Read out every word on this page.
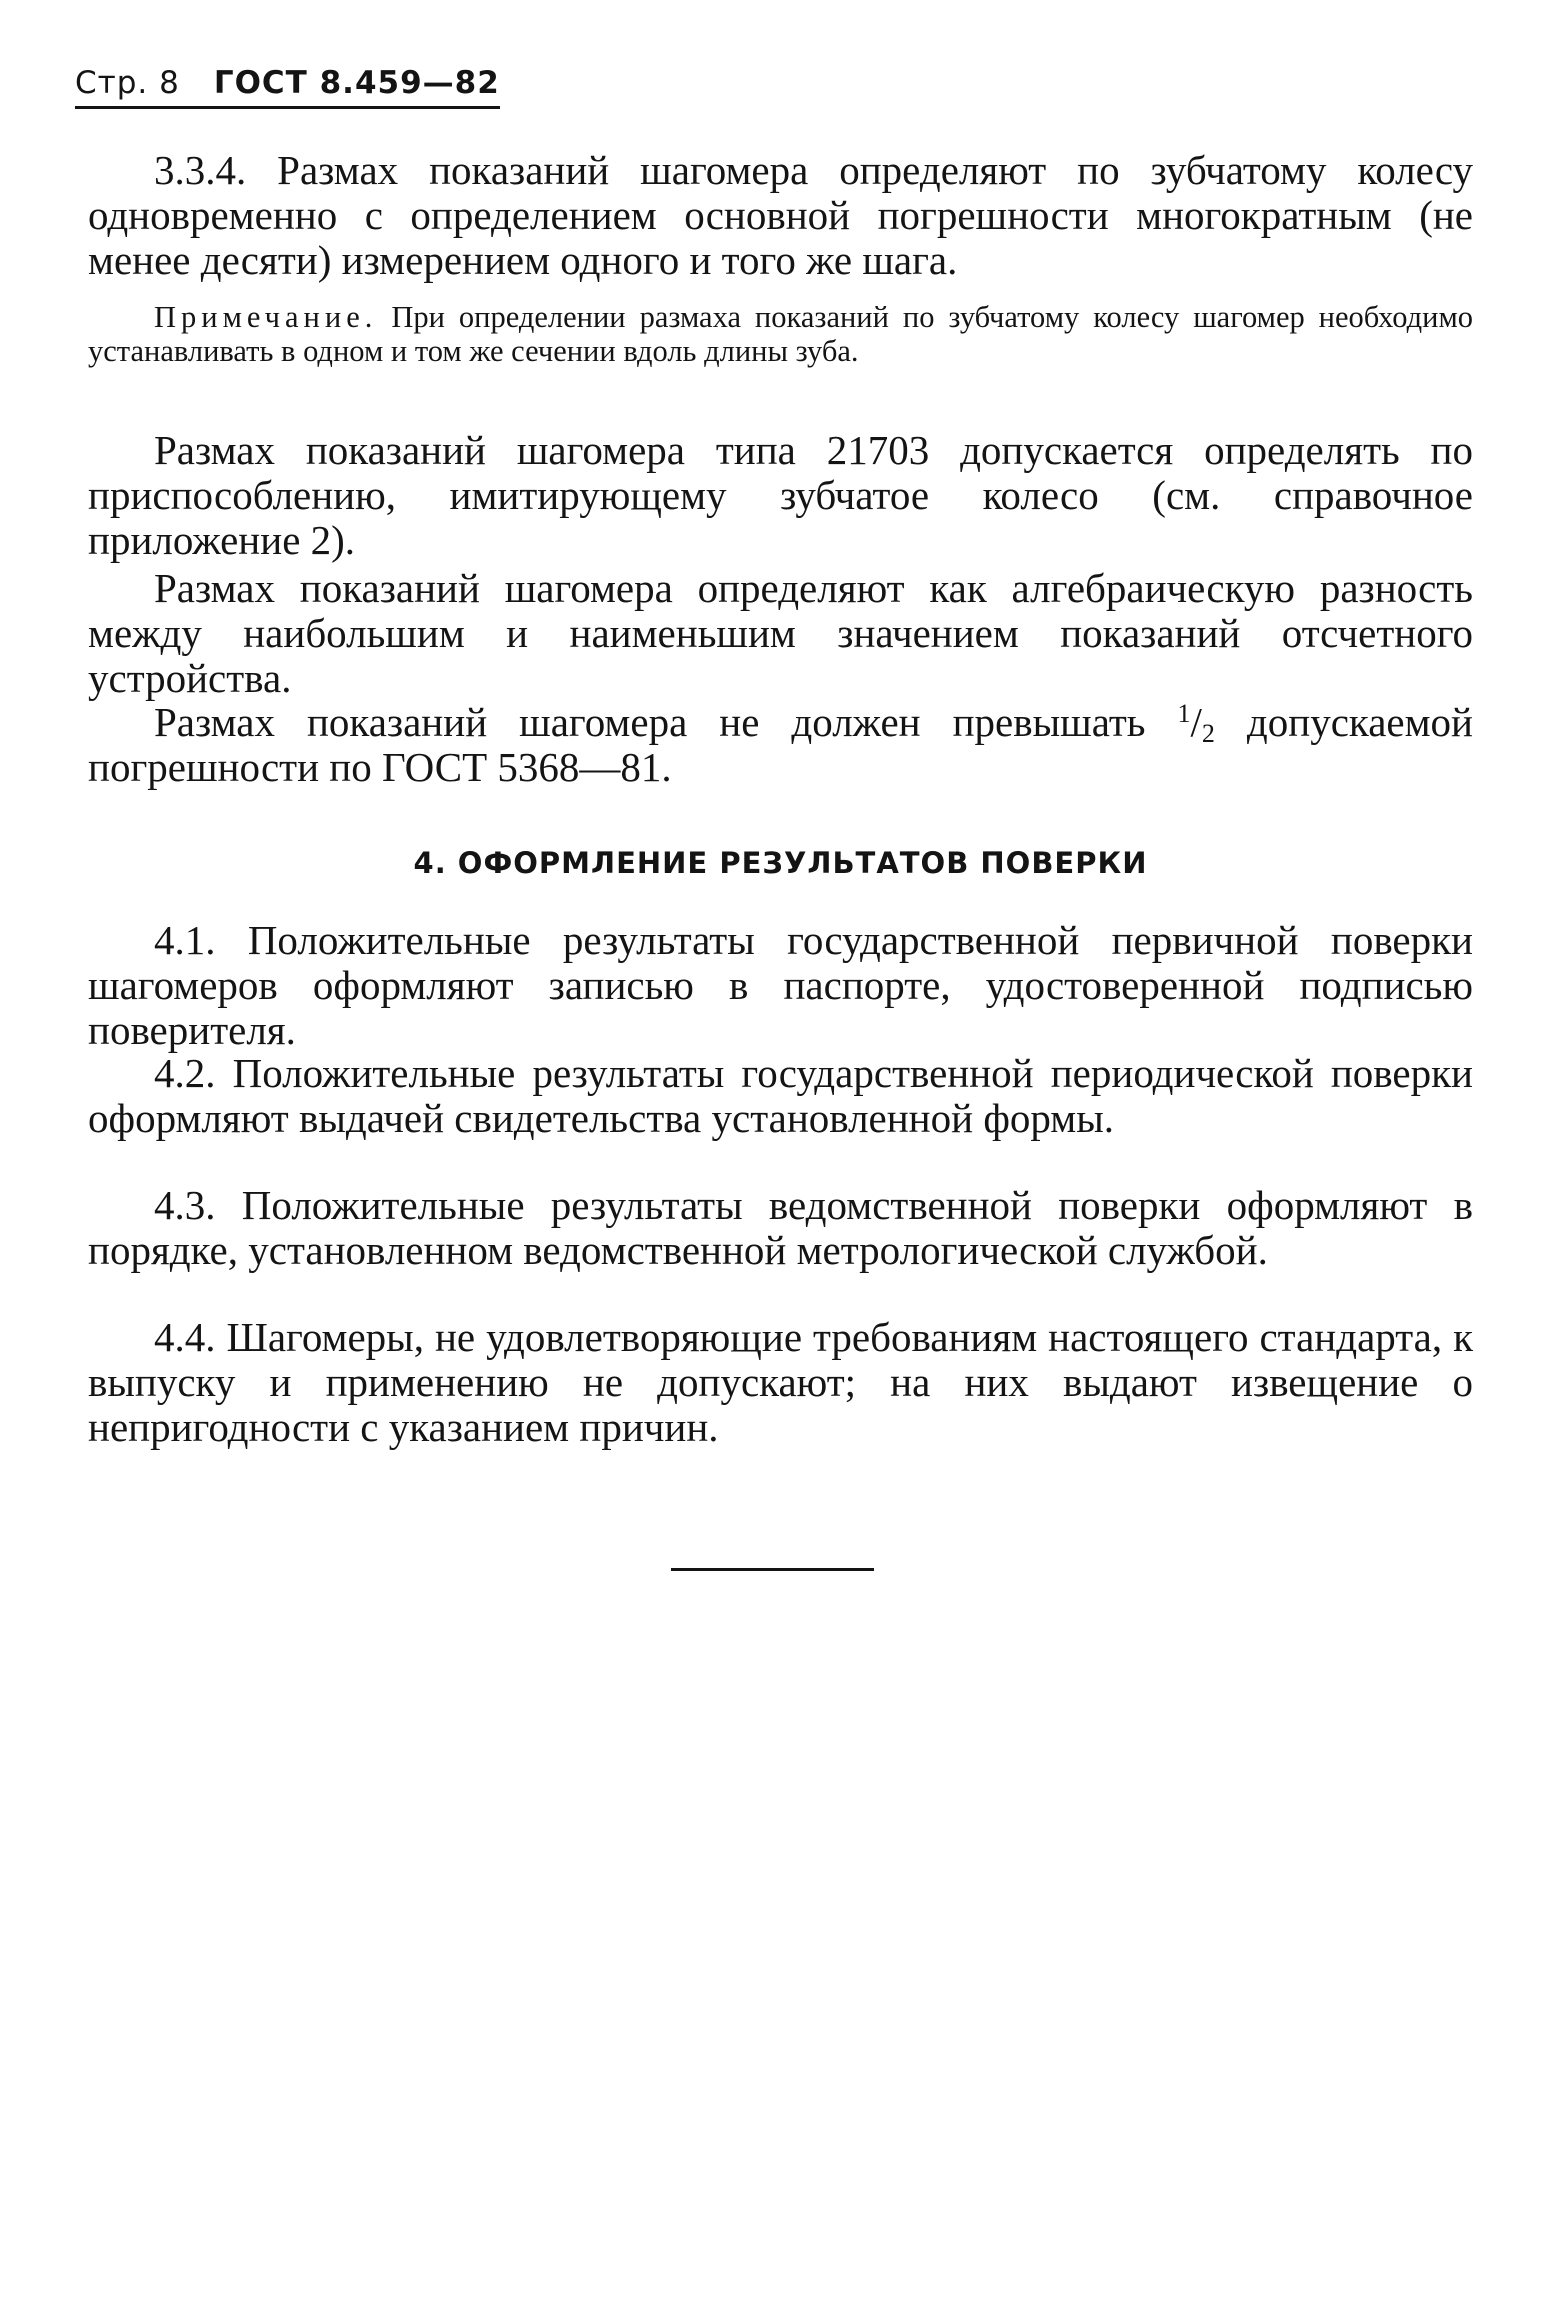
Стр. 8 ГОСТ 8.459—82

3.3.4. Размах показаний шагомера определяют по зубчатому колесу одновременно с определением основной погрешности многократным (не менее десяти) измерением одного и того же шага.

Примечание. При определении размаха показаний по зубчатому колесу шагомер необходимо устанавливать в одном и том же сечении вдоль длины зуба.

Размах показаний шагомера типа 21703 допускается определять по приспособлению, имитирующему зубчатое колесо (см. справочное приложение 2).

Размах показаний шагомера определяют как алгебраическую разность между наибольшим и наименьшим значением показаний отсчетного устройства.

Размах показаний шагомера не должен превышать $^1/_2$ допускаемой погрешности по ГОСТ 5368—81.

4. ОФОРМЛЕНИЕ РЕЗУЛЬТАТОВ ПОВЕРКИ

4.1. Положительные результаты государственной первичной поверки шагомеров оформляют записью в паспорте, удостоверенной подписью поверителя.

4.2. Положительные результаты государственной периодической поверки оформляют выдачей свидетельства установленной формы.

4.3. Положительные результаты ведомственной поверки оформляют в порядке, установленном ведомственной метрологической службой.

4.4. Шагомеры, не удовлетворяющие требованиям настоящего стандарта, к выпуску и применению не допускают; на них выдают извещение о непригодности с указанием причин.
